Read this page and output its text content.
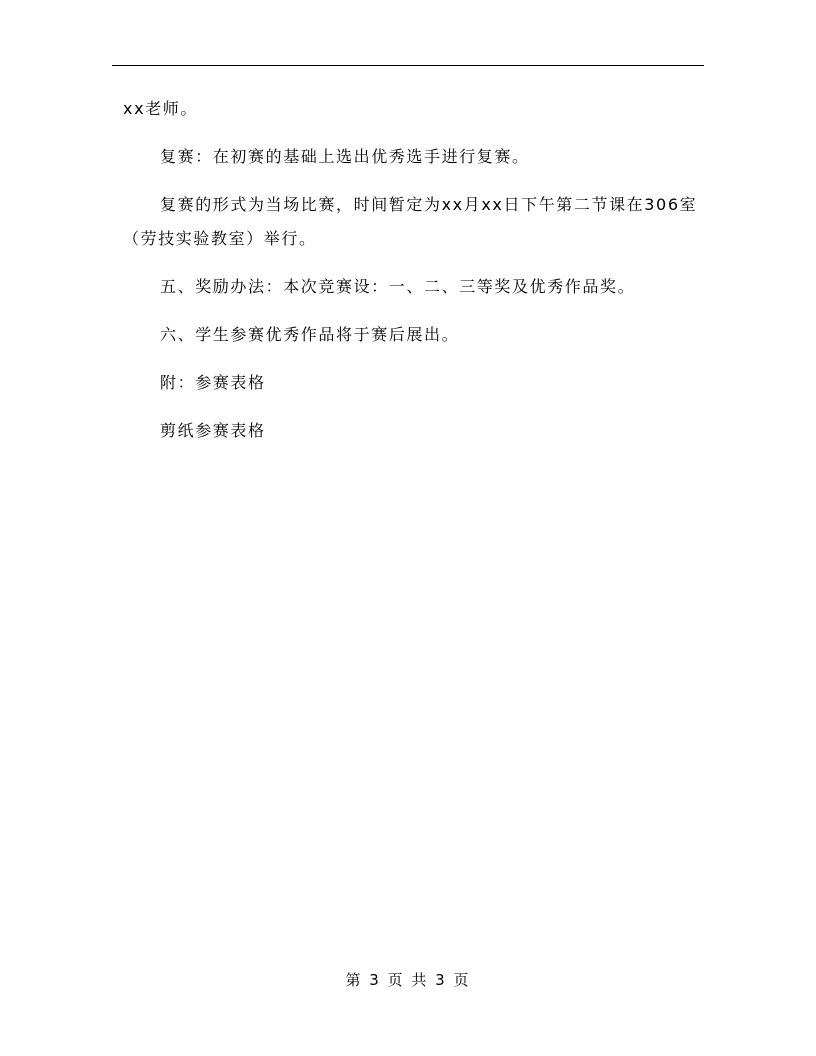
xx老师。

复赛：在初赛的基础上选出优秀选手进行复赛。

复赛的形式为当场比赛，时间暂定为xx月xx日下午第二节课在306室（劳技实验教室）举行。

五、奖励办法：本次竞赛设：一、二、三等奖及优秀作品奖。

六、学生参赛优秀作品将于赛后展出。

附：参赛表格

剪纸参赛表格

第 3 页 共 3 页
